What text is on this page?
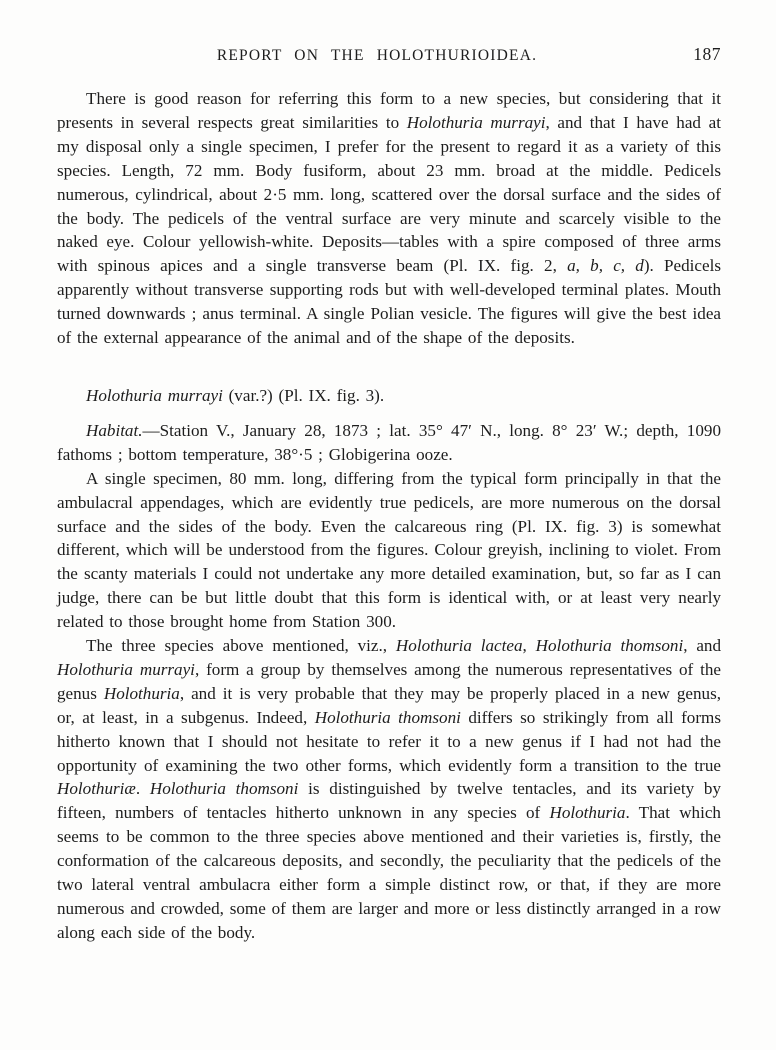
REPORT ON THE HOLOTHURIOIDEA.	187

There is good reason for referring this form to a new species, but considering that it presents in several respects great similarities to Holothuria murrayi, and that I have had at my disposal only a single specimen, I prefer for the present to regard it as a variety of this species. Length, 72 mm. Body fusiform, about 23 mm. broad at the middle. Pedicels numerous, cylindrical, about 2·5 mm. long, scattered over the dorsal surface and the sides of the body. The pedicels of the ventral surface are very minute and scarcely visible to the naked eye. Colour yellowish-white. Deposits—tables with a spire composed of three arms with spinous apices and a single transverse beam (Pl. IX. fig. 2, a, b, c, d). Pedicels apparently without transverse supporting rods but with well-developed terminal plates. Mouth turned downwards ; anus terminal. A single Polian vesicle. The figures will give the best idea of the external appearance of the animal and of the shape of the deposits.

Holothuria murrayi (var.?) (Pl. IX. fig. 3).

Habitat.—Station V., January 28, 1873 ; lat. 35° 47′ N., long. 8° 23′ W.; depth, 1090 fathoms ; bottom temperature, 38°·5 ; Globigerina ooze.

A single specimen, 80 mm. long, differing from the typical form principally in that the ambulacral appendages, which are evidently true pedicels, are more numerous on the dorsal surface and the sides of the body. Even the calcareous ring (Pl. IX. fig. 3) is somewhat different, which will be understood from the figures. Colour greyish, inclining to violet. From the scanty materials I could not undertake any more detailed examination, but, so far as I can judge, there can be but little doubt that this form is identical with, or at least very nearly related to those brought home from Station 300.

The three species above mentioned, viz., Holothuria lactea, Holothuria thomsoni, and Holothuria murrayi, form a group by themselves among the numerous representatives of the genus Holothuria, and it is very probable that they may be properly placed in a new genus, or, at least, in a subgenus. Indeed, Holothuria thomsoni differs so strikingly from all forms hitherto known that I should not hesitate to refer it to a new genus if I had not had the opportunity of examining the two other forms, which evidently form a transition to the true Holothuriæ. Holothuria thomsoni is distinguished by twelve tentacles, and its variety by fifteen, numbers of tentacles hitherto unknown in any species of Holothuria. That which seems to be common to the three species above mentioned and their varieties is, firstly, the conformation of the calcareous deposits, and secondly, the peculiarity that the pedicels of the two lateral ventral ambulacra either form a simple distinct row, or that, if they are more numerous and crowded, some of them are larger and more or less distinctly arranged in a row along each side of the body.
